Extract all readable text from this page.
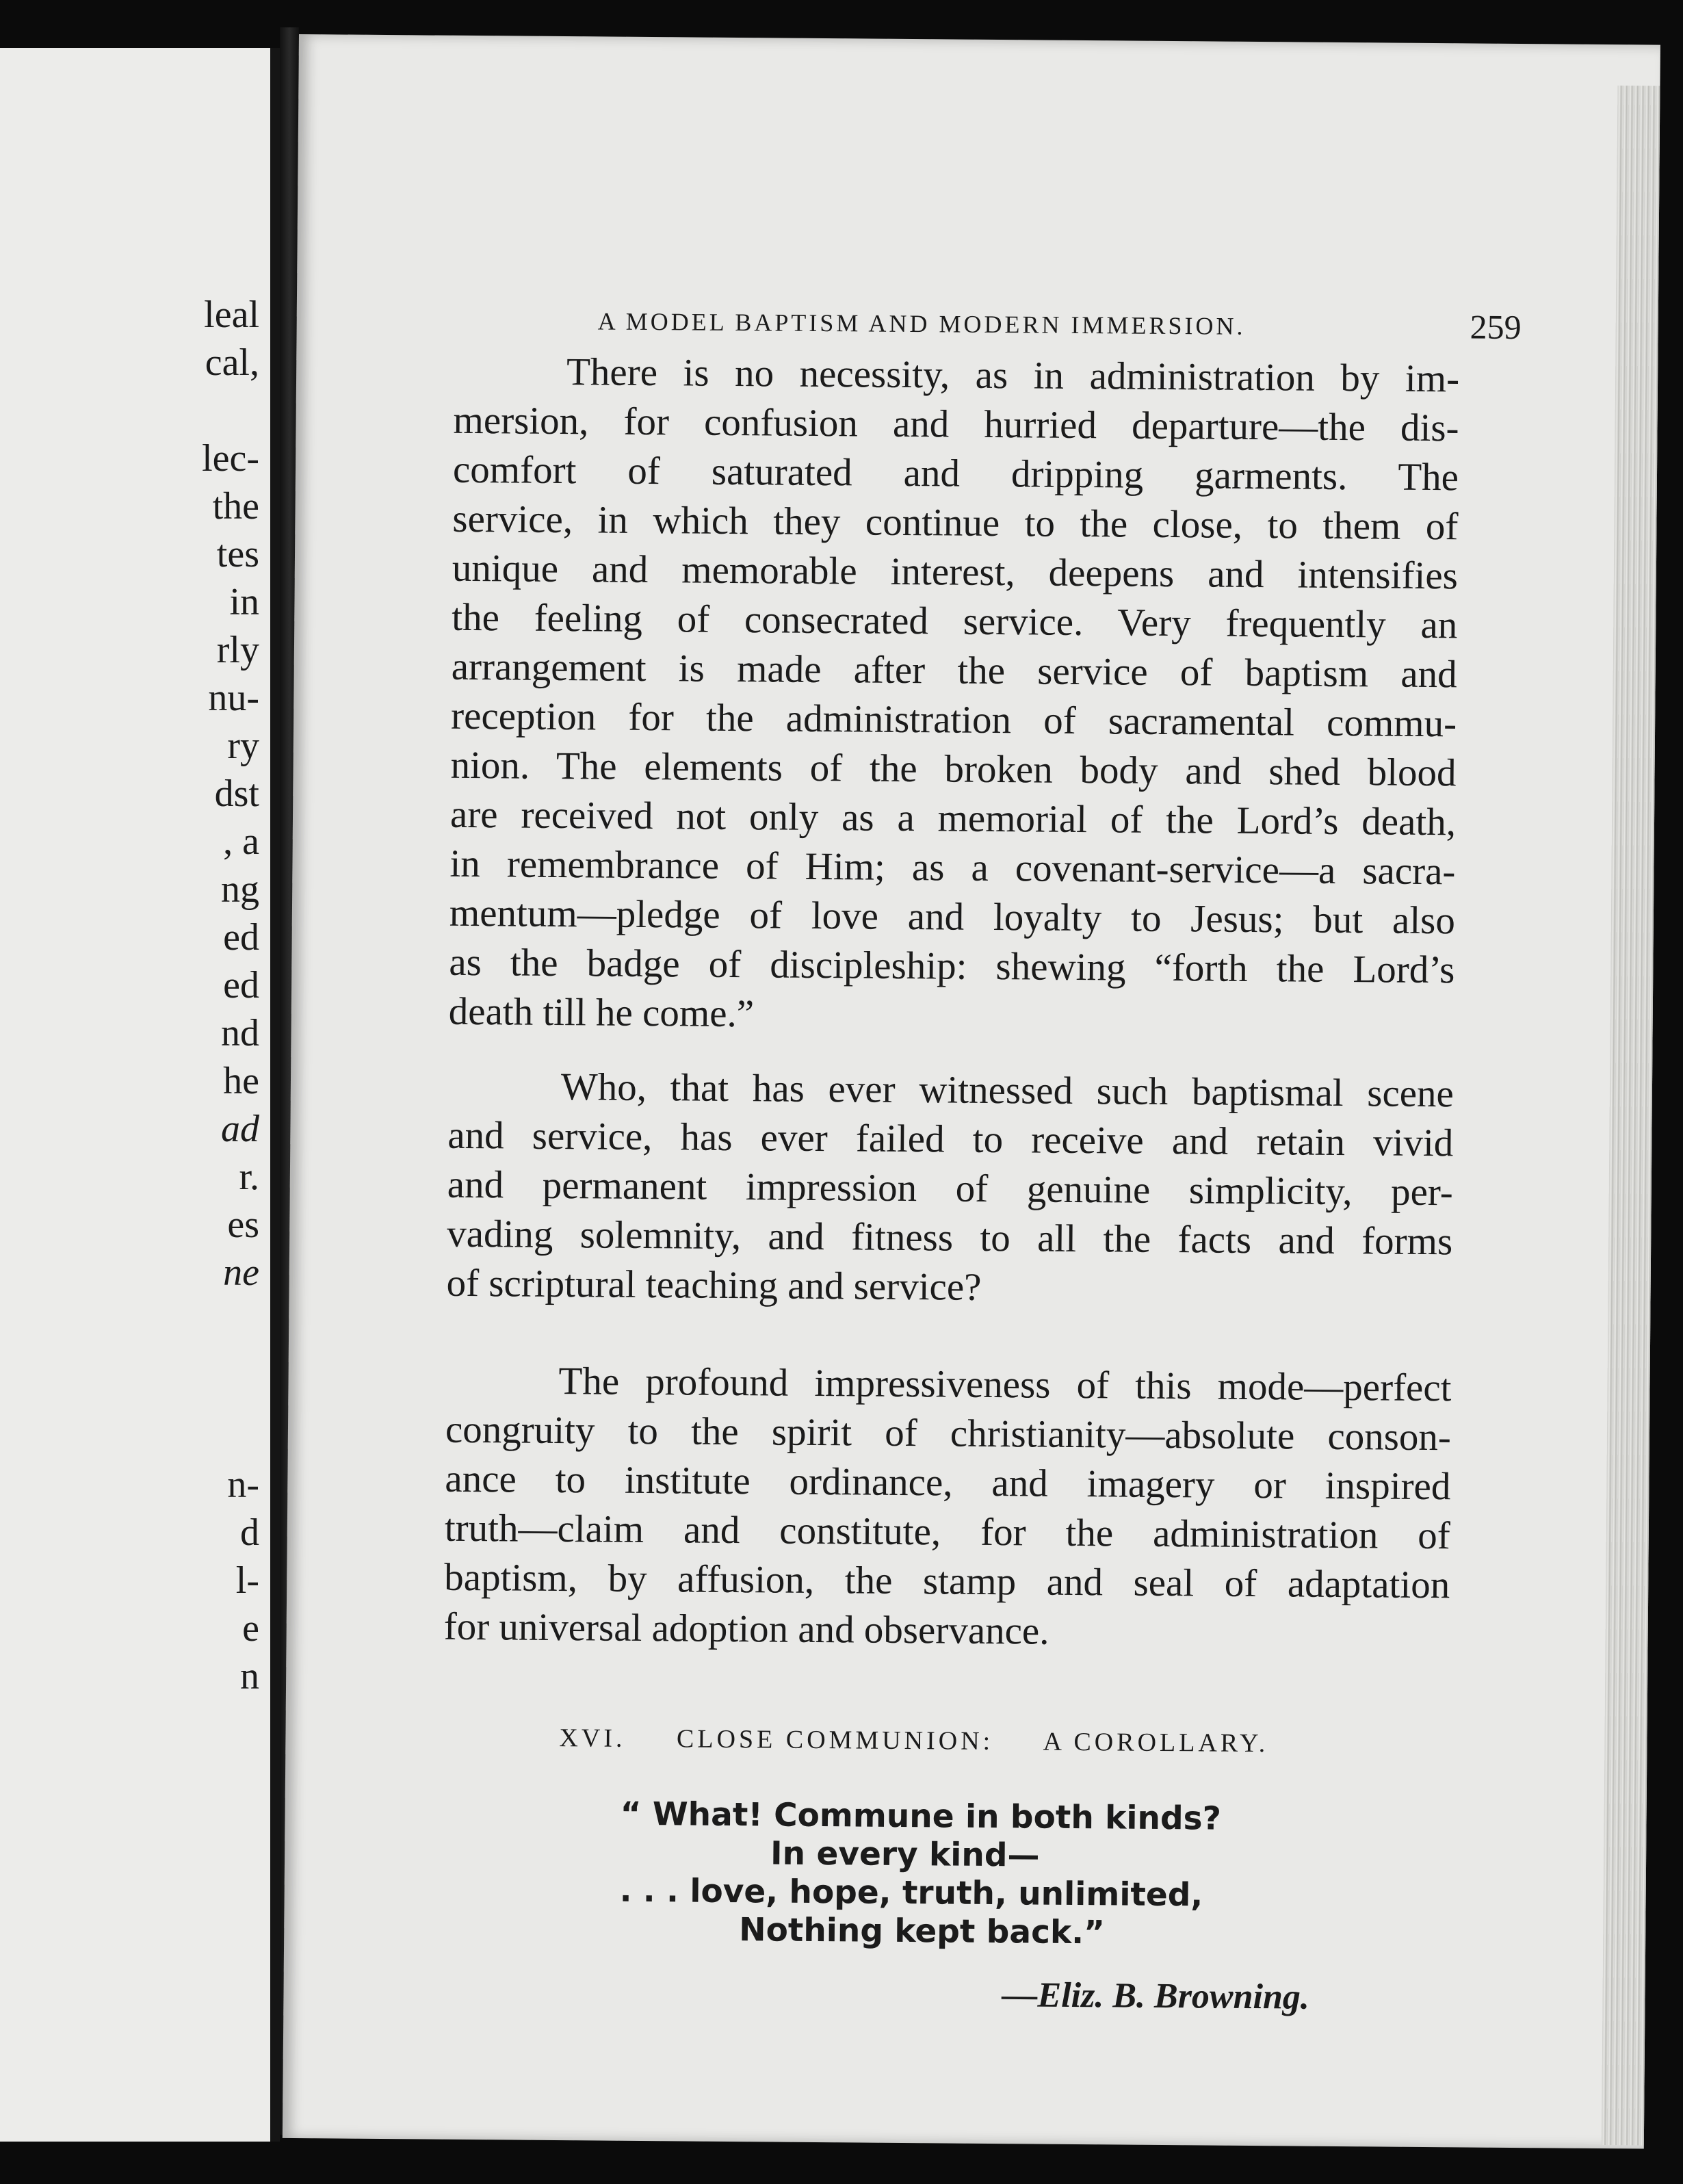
leal
cal,
lec-
the
tes
in
rly
nu-
ry
dst
, a
ng
ed
ed
nd
he
ad
r.
es
ne
n-
d
l-
e
n
A MODEL BAPTISM AND MODERN IMMERSION.	259

There is no necessity, as in administration by im-
mersion, for confusion and hurried departure—the dis-
comfort of saturated and dripping garments. The
service, in which they continue to the close, to them of
unique and memorable interest, deepens and intensifies
the feeling of consecrated service. Very frequently an
arrangement is made after the service of baptism and
reception for the administration of sacramental commu-
nion. The elements of the broken body and shed blood
are received not only as a memorial of the Lord’s death,
in remembrance of Him; as a covenant-service—a sacra-
mentum—pledge of love and loyalty to Jesus; but also
as the badge of discipleship: shewing “forth the Lord’s
death till he come.”

Who, that has ever witnessed such baptismal scene
and service, has ever failed to receive and retain vivid
and permanent impression of genuine simplicity, per-
vading solemnity, and fitness to all the facts and forms
of scriptural teaching and service?

The profound impressiveness of this mode—perfect
congruity to the spirit of christianity—absolute conson-
ance to institute ordinance, and imagery or inspired
truth—claim and constitute, for the administration of
baptism, by affusion, the stamp and seal of adaptation
for universal adoption and observance.

XVI. CLOSE COMMUNION: A COROLLARY.
“ What! Commune in both kinds?
In every kind—
. . . love, hope, truth, unlimited,
Nothing kept back.”
—Eliz. B. Browning.
